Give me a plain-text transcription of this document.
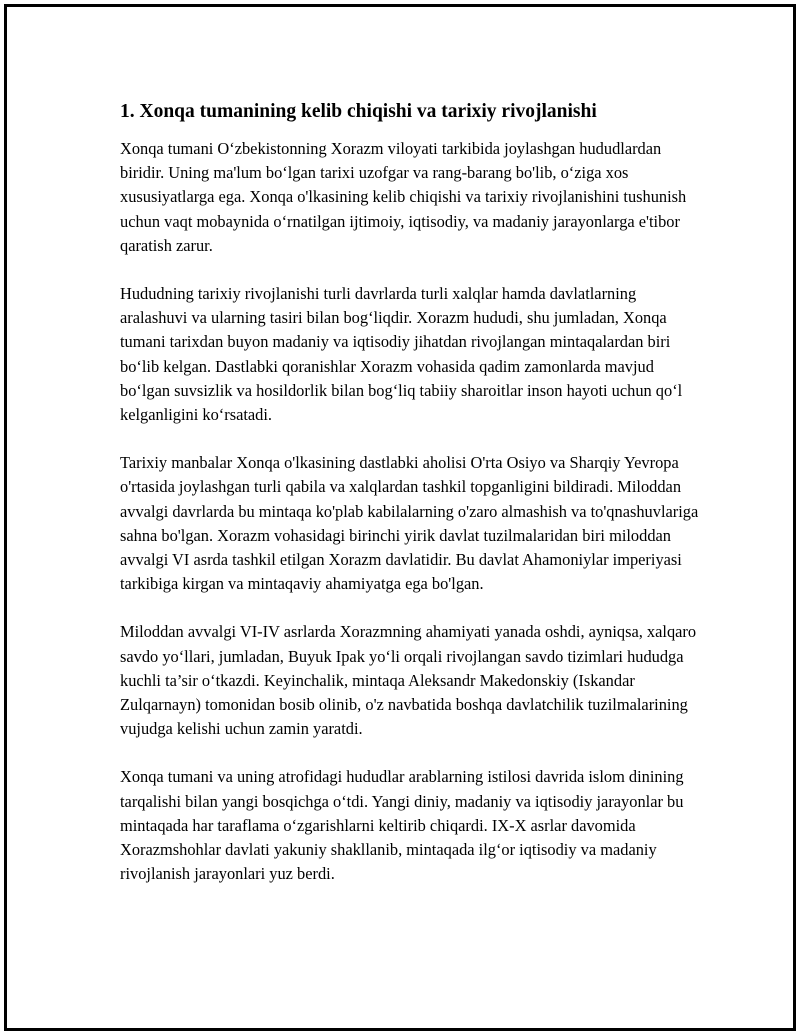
1. Xonqa tumanining kelib chiqishi va tarixiy rivojlanishi

Xonqa tumani O‘zbekistonning Xorazm viloyati tarkibida joylashgan hududlardan biridir. Uning ma'lum bo‘lgan tarixi uzofgar va rang-barang bo'lib, o‘ziga xos xususiyatlarga ega. Xonqa o'lkasining kelib chiqishi va tarixiy rivojlanishini tushunish uchun vaqt mobaynida o‘rnatilgan ijtimoiy, iqtisodiy, va madaniy jarayonlarga e'tibor qaratish zarur.

Hududning tarixiy rivojlanishi turli davrlarda turli xalqlar hamda davlatlarning aralashuvi va ularning tasiri bilan bog‘liqdir. Xorazm hududi, shu jumladan, Xonqa tumani tarixdan buyon madaniy va iqtisodiy jihatdan rivojlangan mintaqalardan biri bo‘lib kelgan. Dastlabki qoranishlar Xorazm vohasida qadim zamonlarda mavjud bo‘lgan suvsizlik va hosildorlik bilan bog‘liq tabiiy sharoitlar inson hayoti uchun qo‘l kelganligini ko‘rsatadi.

Tarixiy manbalar Xonqa o'lkasining dastlabki aholisi O'rta Osiyo va Sharqiy Yevropa o'rtasida joylashgan turli qabila va xalqlardan tashkil topganligini bildiradi. Miloddan avvalgi davrlarda bu mintaqa ko'plab kabilalarning o'zaro almashish va to'qnashuvlariga sahna bo'lgan. Xorazm vohasidagi birinchi yirik davlat tuzilmalaridan biri miloddan avvalgi VI asrda tashkil etilgan Xorazm davlatidir. Bu davlat Ahamoniylar imperiyasi tarkibiga kirgan va mintaqaviy ahamiyatga ega bo'lgan.

Miloddan avvalgi VI-IV asrlarda Xorazmning ahamiyati yanada oshdi, ayniqsa, xalqaro savdo yo‘llari, jumladan, Buyuk Ipak yo‘li orqali rivojlangan savdo tizimlari hududga kuchli ta’sir o‘tkazdi. Keyinchalik, mintaqa Aleksandr Makedonskiy (Iskandar Zulqarnayn) tomonidan bosib olinib, o'z navbatida boshqa davlatchilik tuzilmalarining vujudga kelishi uchun zamin yaratdi.

Xonqa tumani va uning atrofidagi hududlar arablarning istilosi davrida islom dinining tarqalishi bilan yangi bosqichga o‘tdi. Yangi diniy, madaniy va iqtisodiy jarayonlar bu mintaqada har taraflama o‘zgarishlarni keltirib chiqardi. IX-X asrlar davomida Xorazmshohlar davlati yakuniy shakllanib, mintaqada ilg‘or iqtisodiy va madaniy rivojlanish jarayonlari yuz berdi.
